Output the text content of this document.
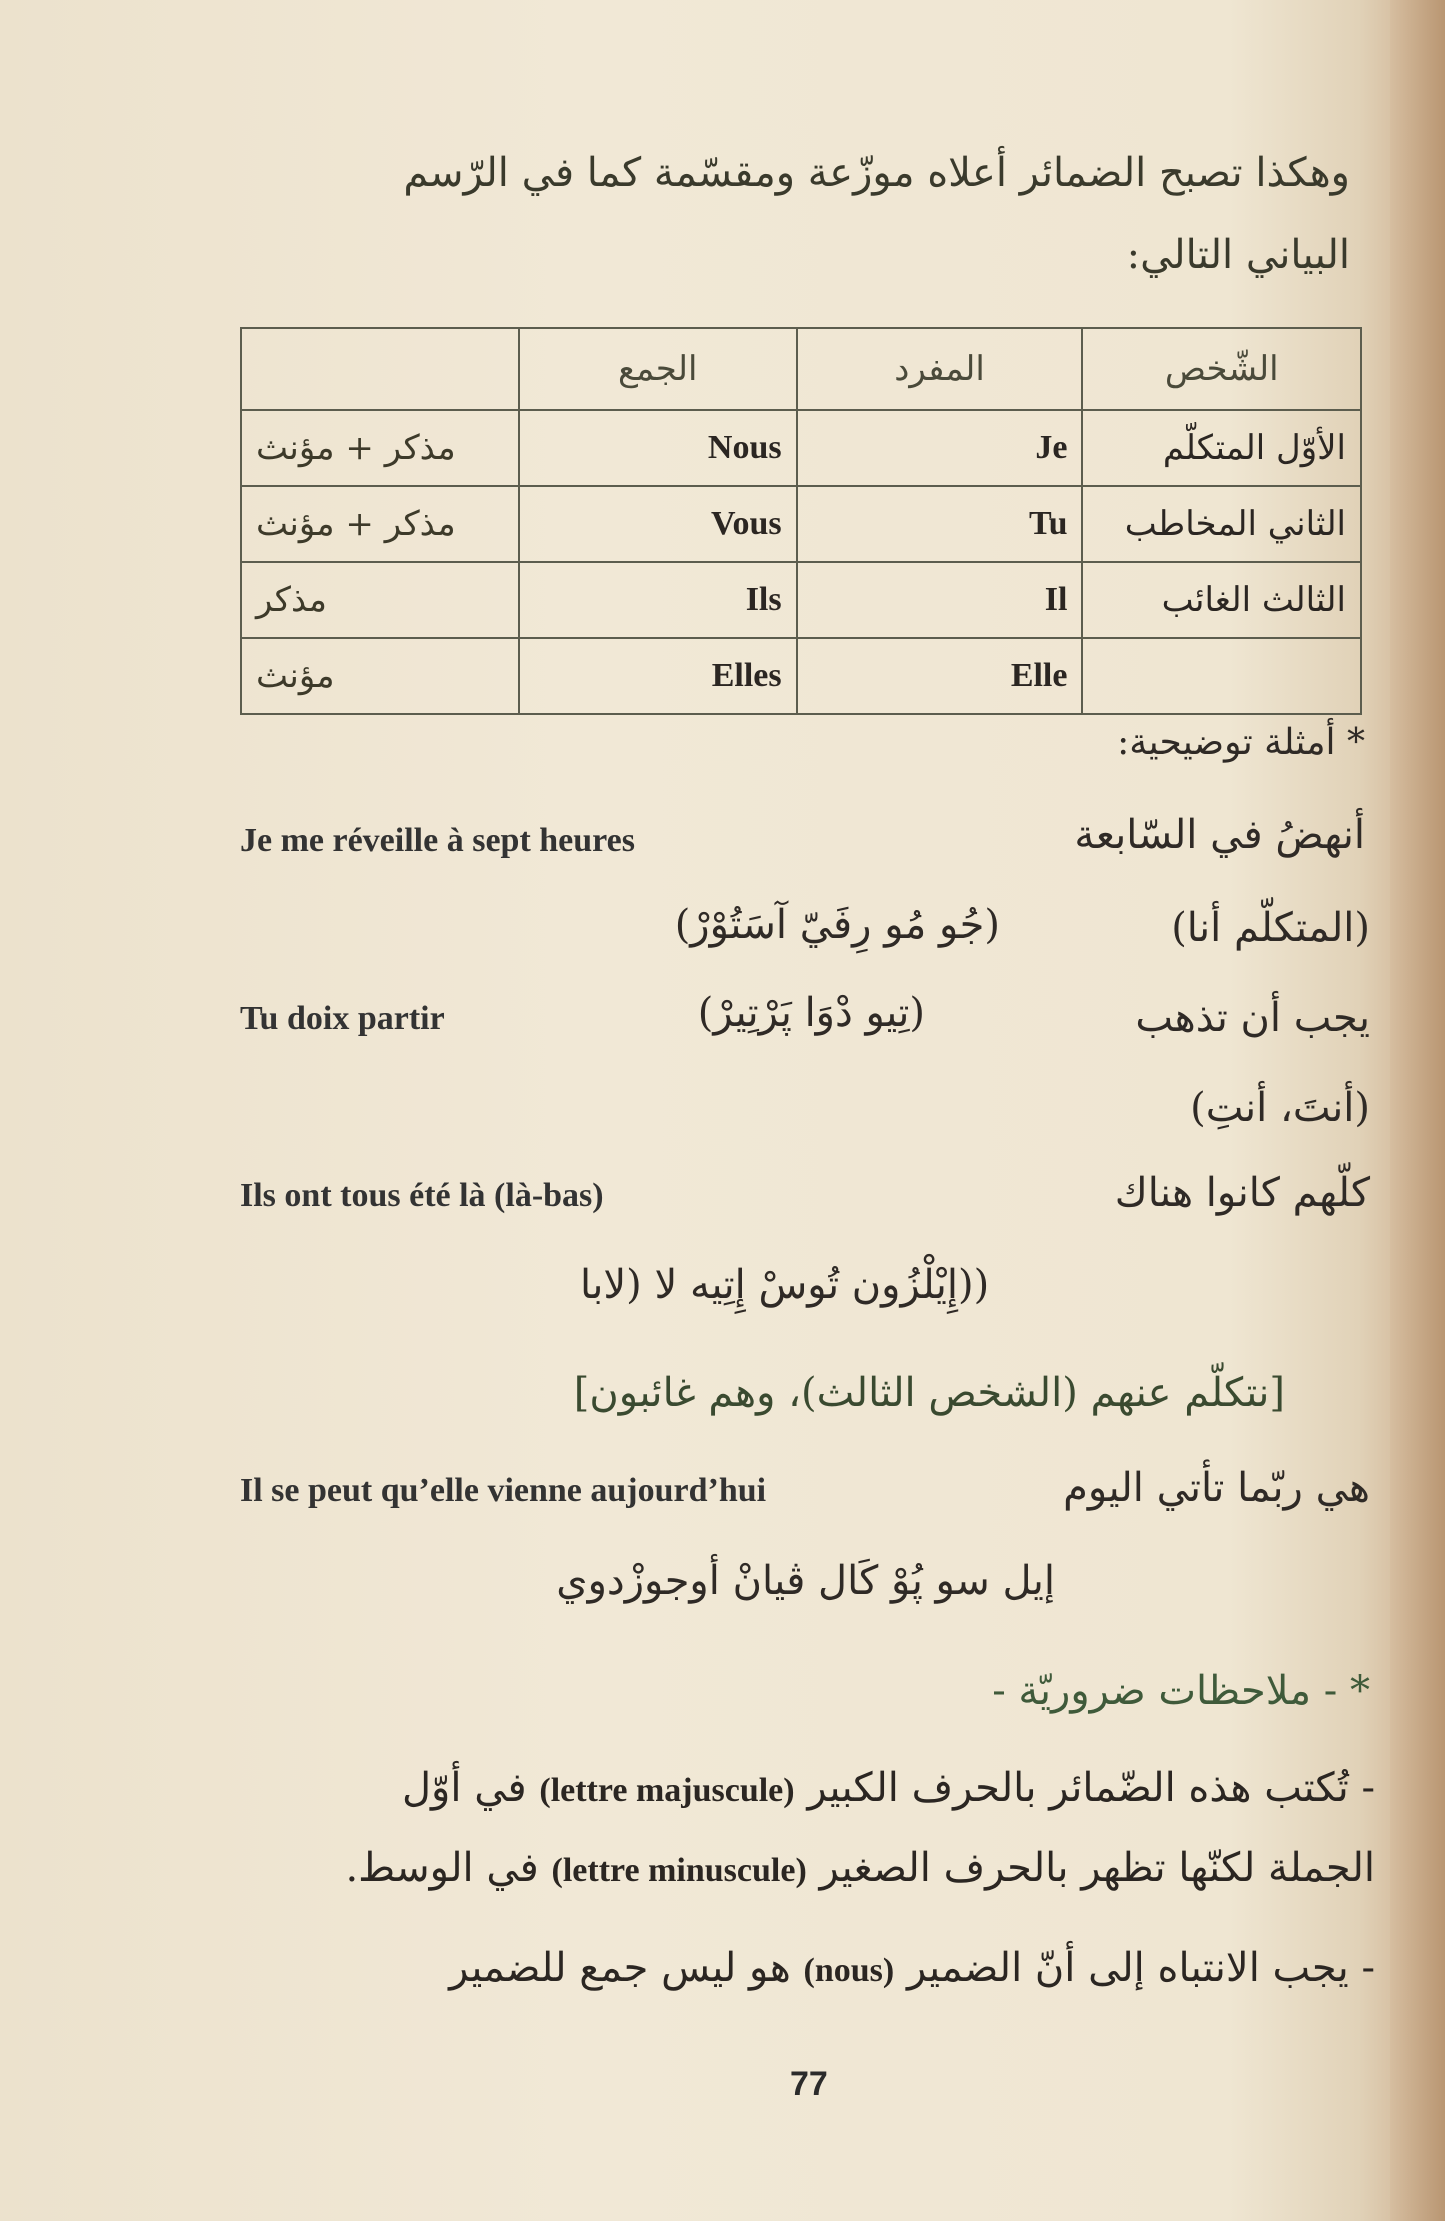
وهكذا تصبح الضمائر أعلاه موزّعة ومقسّمة كما في الرّسم
البياني التالي:
	الجمع	المفرد	الشّخص
مذكر + مؤنث	Nous	Je	الأوّل المتكلّم
مذكر + مؤنث	Vous	Tu	الثاني المخاطب
مذكر	Ils	Il	الثالث الغائب
مؤنث	Elles	Elle	
* أمثلة توضيحية:
Je me réveille à sept heures	أنهضُ في السّابعة
(جُو مُو رِفَيّ آسَتُوْرْ)	(المتكلّم أنا)
Tu doix partir	(تِيو دْوَا پَرْتِيرْ)	يجب أن تذهب
(أنتَ، أنتِ)
Ils ont tous été là (là-bas)	كلّهم كانوا هناك
((إِيْلْزُون تُوسْ إِتِيه لا (لابا
[نتكلّم عنهم (الشخص الثالث)، وهم غائبون]
Il se peut qu’elle vienne aujourd’hui	هي ربّما تأتي اليوم
إيل سو پُوْ كَال ڤيانْ أوجوزْدوي
* - ملاحظات ضروريّة -
- تُكتب هذه الضّمائر بالحرف الكبير (lettre majuscule) في أوّل
الجملة لكنّها تظهر بالحرف الصغير (lettre minuscule) في الوسط.
- يجب الانتباه إلى أنّ الضمير (nous) هو ليس جمع للضمير
77
